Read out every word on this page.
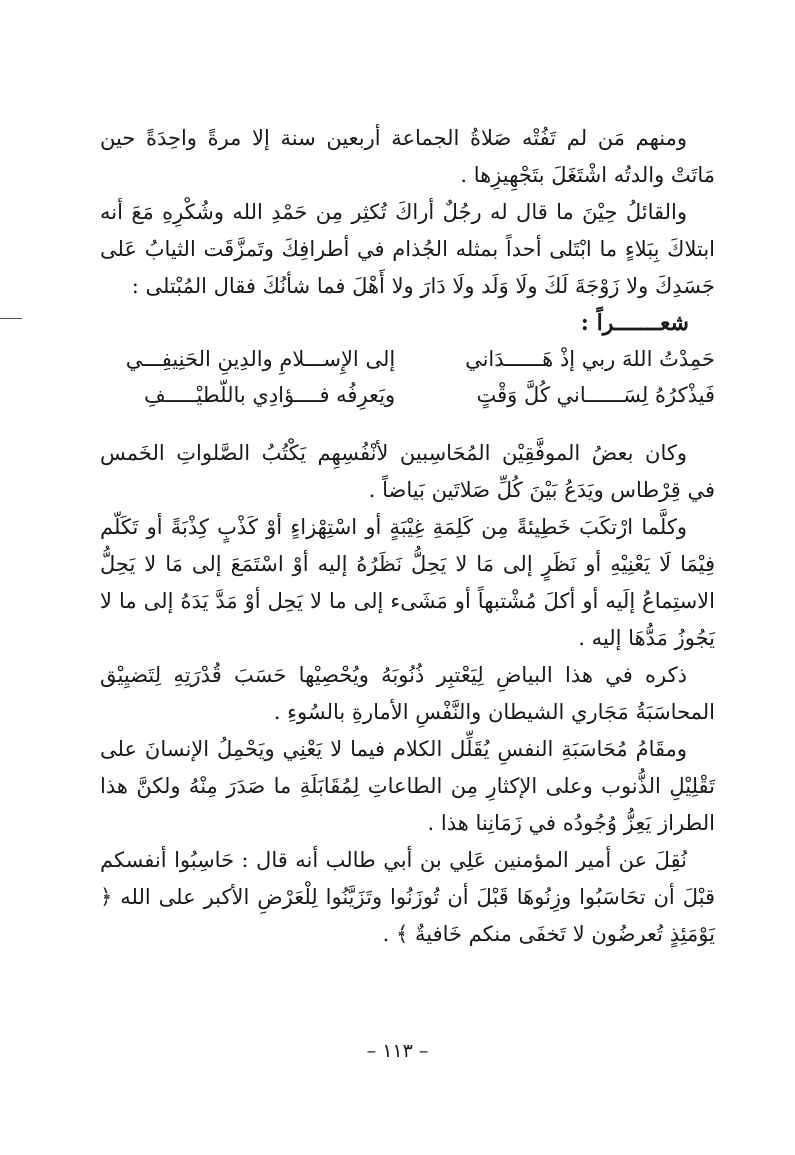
ومنهم مَن لم تَفُتْه صَلاةُ الجماعة أربعين سنة إلا مرةً واحِدَةً حين مَاتَتْ والدتُه اشْتَغَلَ بتَجْهِيزِها .

والقائلُ حِيْنَ ما قال له رجُلٌ أراكَ تُكثِر مِن حَمْدِ الله وشُكْرِهِ مَعَ أنه ابتلاكَ بِبَلاءٍ ما ابْتَلى أحداً بمثله الجُذام في أطرافِكَ وتَمزَّقَت الثيابُ عَلى جَسَدِكَ ولا زَوْجَةَ لَكَ ولَا وَلَد ولَا دَارَ ولا أَهْلَ فما شأنُكَ فقال المُبْتلى :

شعـــــــراً :

حَمِدْتُ اللهَ ربي إذْ هَــــــدَاني
إلى الإِســـلامِ والدِينِ الحَنِيفِـــي
فَيذْكرُهُ لِسَــــــاني كُلَّ وَقْتٍ
ويَعرِفُه فــــؤادِي باللّطيْـــــفِ

وكان بعضُ الموفَّقِيْن المُحَاسِبين لأنْفُسِهِم يَكْتُبُ الصَّلواتِ الخَمس في قِرْطاس ويَدَعُ بَيْنَ كُلِّ صَلاتَين بَياضاً .

وكلَّما ارْتكَبَ خَطِيئةً مِن كَلِمَةِ غِيْبَةٍ أو اسْتِهْزاءٍ أوْ كَذْبٍ كِذْبَةً أو تَكَلّم فِيْمَا لَا يَعْنِيْهِ أو نَظَرٍ إلى مَا لا يَحِلُّ نَظَرُهُ إليه أوْ اسْتَمَعَ إلى مَا لا يَحِلُّ الاستِماعُ إلَيه أو أكلَ مُشْتبهاً أو مَشَىء إلى ما لا يَحِل أوْ مَدَّ يَدَهُ إلى ما لا يَجُوزُ مَدُّهَا إليه .

ذكره في هذا البياضِ لِيَعْتبِر ذُنُوبَهُ ويُحْصِيْها حَسَبَ قُدْرَتِهِ لِتَضيِيْق المحاسَبَةُ مَجَاري الشيطان والنَّفْسِ الأمارةِ بالسُوءِ .

ومقَامُ مُحَاسَبَةِ النفسِ يُقَلِّل الكلام فيما لا يَعْنِي ويَحْمِلُ الإنسانَ على تَقْلِيْلِ الذُّنوب وعلى الإكثارِ مِن الطاعاتِ لِمُقَابَلَةِ ما صَدَرَ مِنْهُ ولكنَّ هذا الطراز يَعِزُّ وُجُودُه في زَمَانِنا هذا .

نُقِلَ عن أمير المؤمنين عَلِي بن أبي طالب أنه قال : حَاسِبُوا أنفسكم قبْلَ أن تحَاسَبُوا وزِنُوهَا قَبْلَ أن تُوزَنُوا وتَزَيَّنُوا لِلْعَرْضِ الأكبر على الله ﴿ يَوْمَئِذٍ تُعرضُون لا تَخفَى منكم خَافيةٌ ﴾ .

– ١١٣ –
